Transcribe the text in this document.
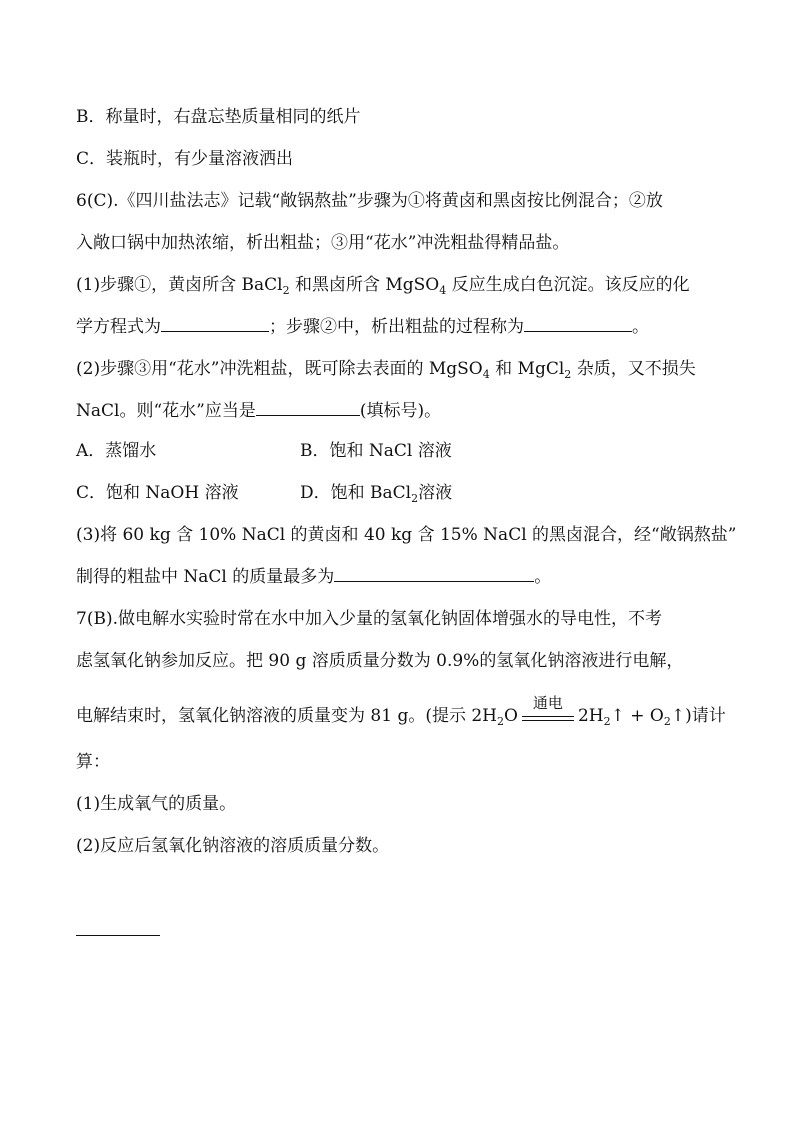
B．称量时，右盘忘垫质量相同的纸片
C．装瓶时，有少量溶液洒出
6(C).《四川盐法志》记载“敞锅熬盐”步骤为①将黄卤和黑卤按比例混合；②放
入敞口锅中加热浓缩，析出粗盐；③用“花水”冲洗粗盐得精品盐。
(1)步骤①，黄卤所含 BaCl$_2$ 和黑卤所含 MgSO$_4$ 反应生成白色沉淀。该反应的化
学方程式为	；步骤②中，析出粗盐的过程称为	。
(2)步骤③用“花水”冲洗粗盐，既可除去表面的 MgSO$_4$ 和 MgCl$_2$ 杂质，又不损失
NaCl。则“花水”应当是	(填标号)。
A．蒸馏水	B．饱和 NaCl 溶液
C．饱和 NaOH 溶液	D．饱和 BaCl$_2$溶液
(3)将 60 kg 含 10% NaCl 的黄卤和 40 kg 含 15% NaCl 的黑卤混合，经“敞锅熬盐”
制得的粗盐中 NaCl 的质量最多为	。
7(B).做电解水实验时常在水中加入少量的氢氧化钠固体增强水的导电性，不考
虑氢氧化钠参加反应。把 90 g 溶质质量分数为 0.9%的氢氧化钠溶液进行电解，
电解结束时，氢氧化钠溶液的质量变为 81 g。(提示 $2H_2O$
通电
$2H_2↑$ + $O_2↑$)请计
算：
(1)生成氧气的质量。
(2)反应后氢氧化钠溶液的溶质质量分数。
